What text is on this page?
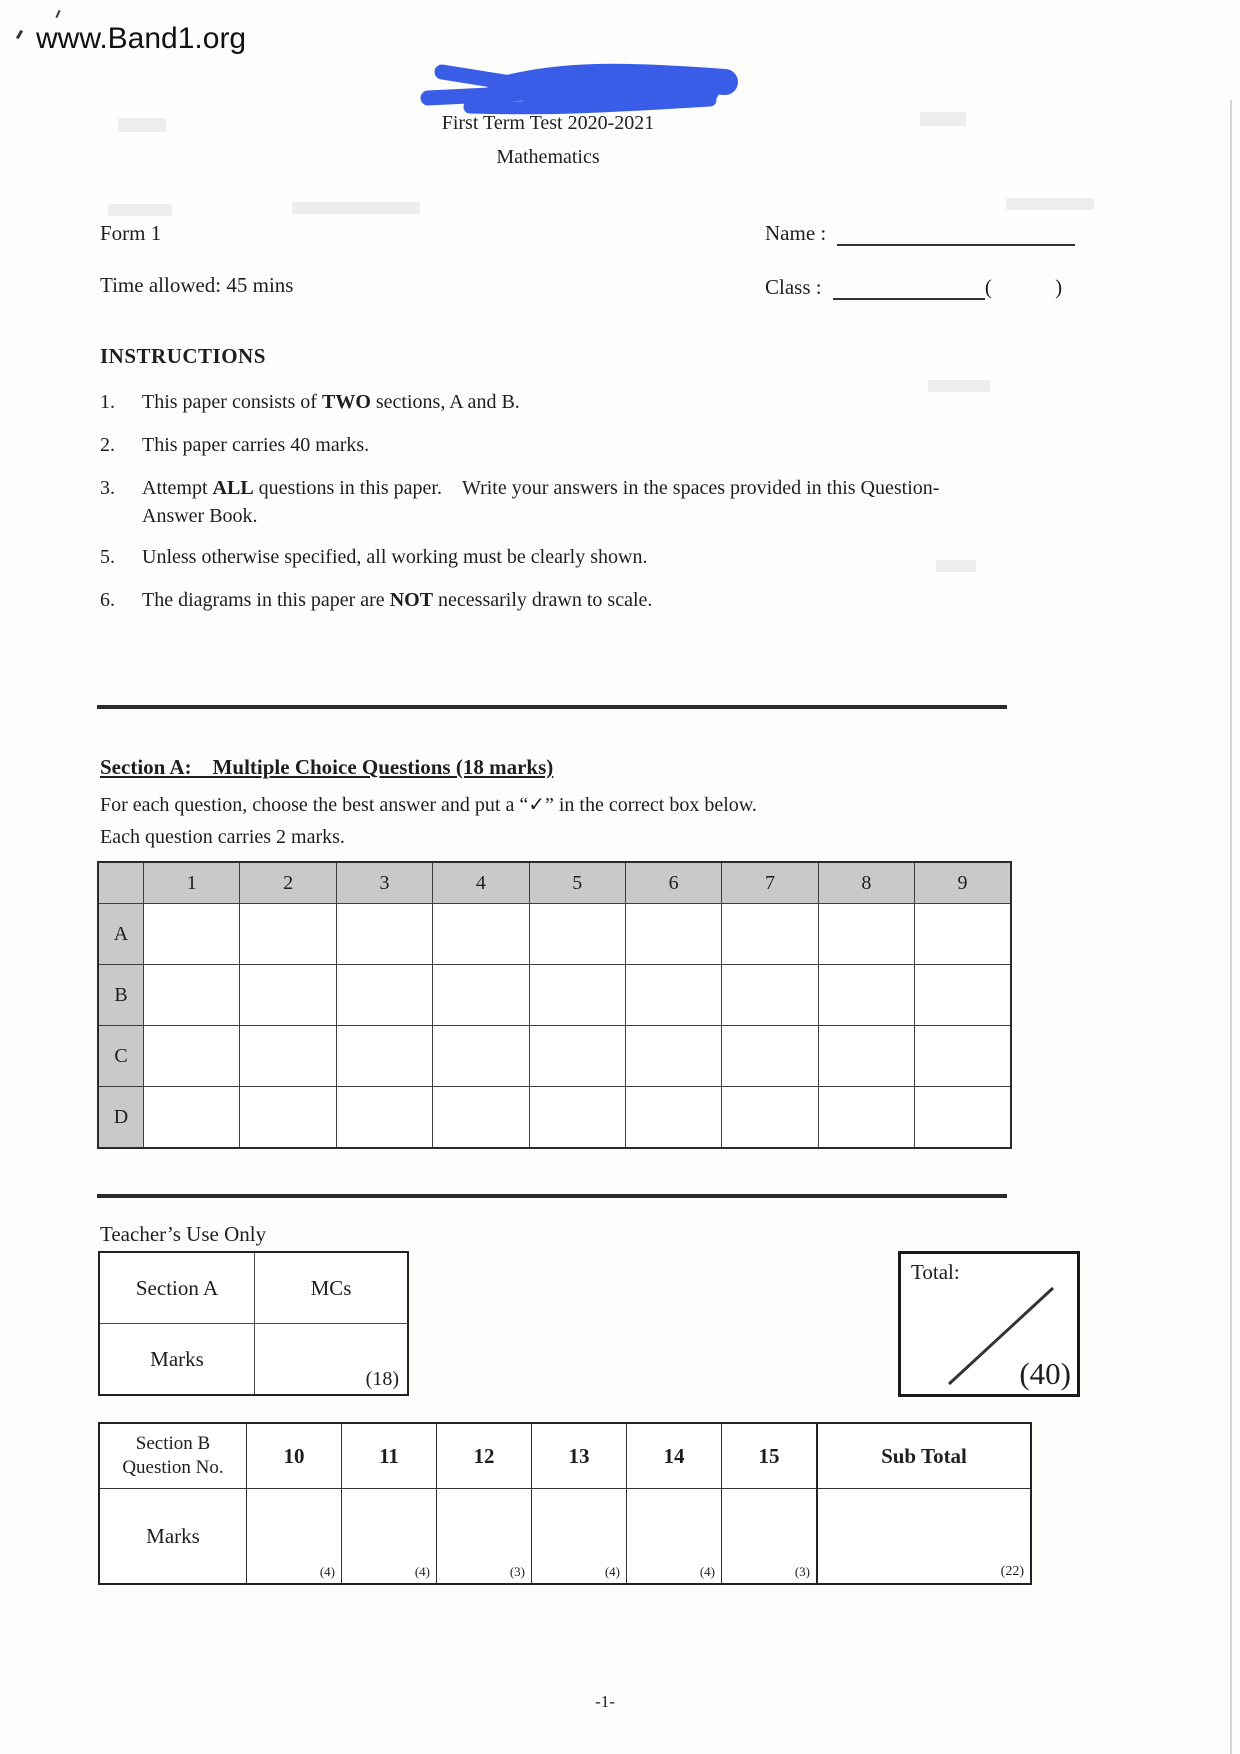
www.Band1.org
First Term Test 2020-2021
Mathematics
Form 1
Time allowed: 45 mins
Name :
Class :	(	)
INSTRUCTIONS
1. This paper consists of TWO sections, A and B.
2. This paper carries 40 marks.
3. Attempt ALL questions in this paper.  Write your answers in the spaces provided in this Question-Answer Book.
5. Unless otherwise specified, all working must be clearly shown.
6. The diagrams in this paper are NOT necessarily drawn to scale.
Section A:  Multiple Choice Questions (18 marks)
For each question, choose the best answer and put a “✓” in the correct box below.
Each question carries 2 marks.
	1	2	3	4	5	6	7	8	9
A									
B									
C									
D									
Teacher’s Use Only
Section A	MCs
Marks	(18)
Total:
(40)
Section B
Question No.	10	11	12	13	14	15	Sub Total
Marks	(4)	(4)	(3)	(4)	(4)	(3)	(22)
-1-
